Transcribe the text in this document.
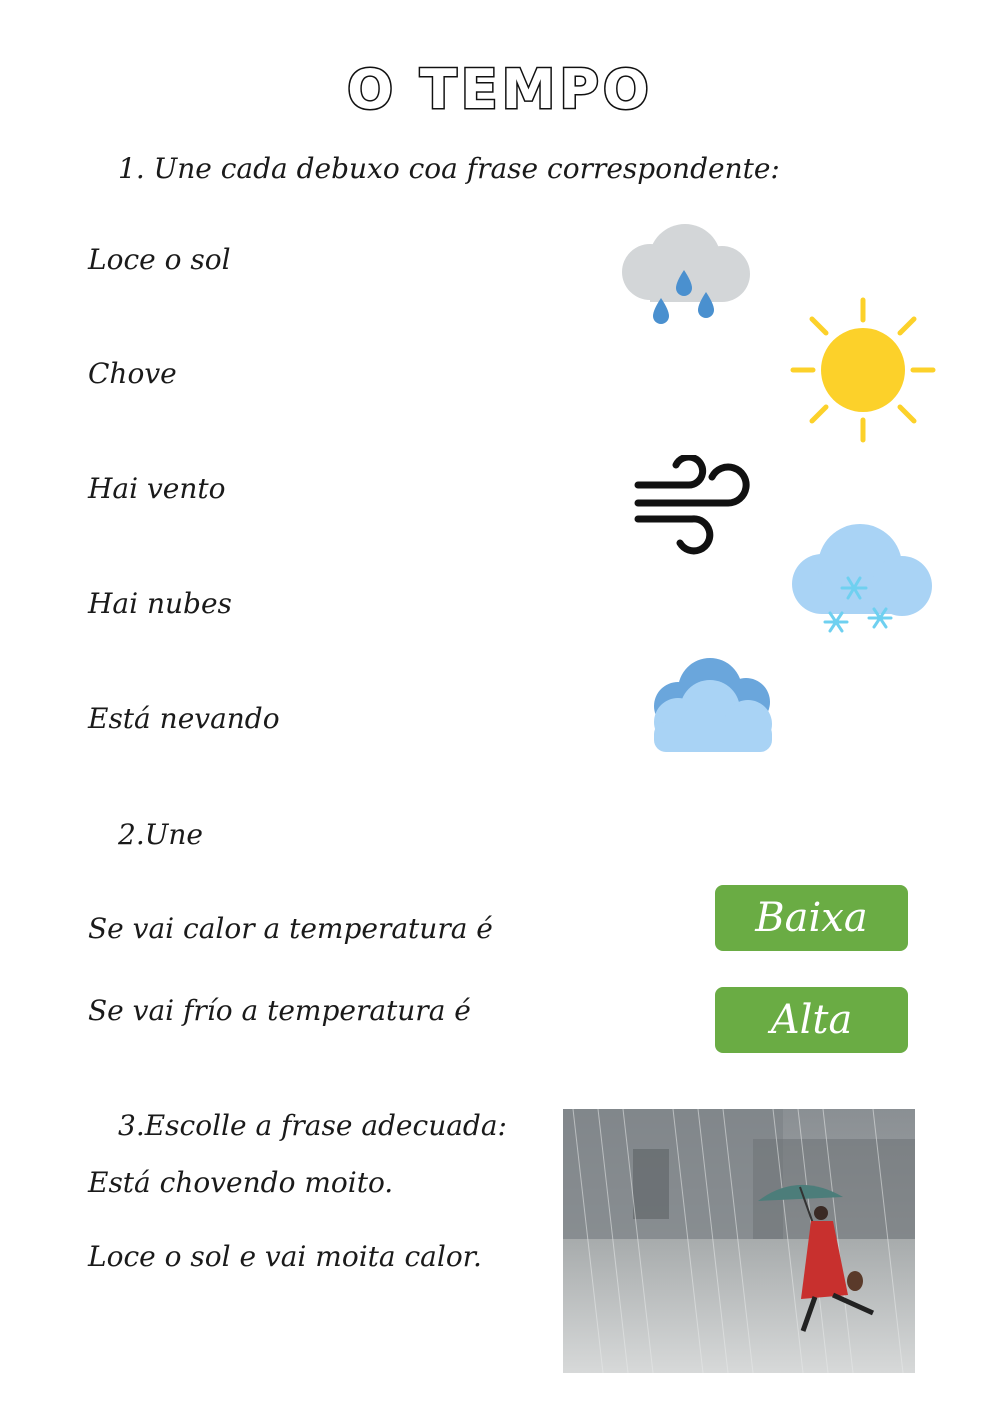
O TEMPO
1. Une cada debuxo coa frase correspondente:
Loce o sol
Chove
Hai vento
Hai nubes
Está nevando
2.Une
Se vai calor a temperatura é
Se vai frío a temperatura é
Baixa
Alta
3.Escolle a frase adecuada:
Está chovendo moito.
Loce o sol e vai moita calor.
